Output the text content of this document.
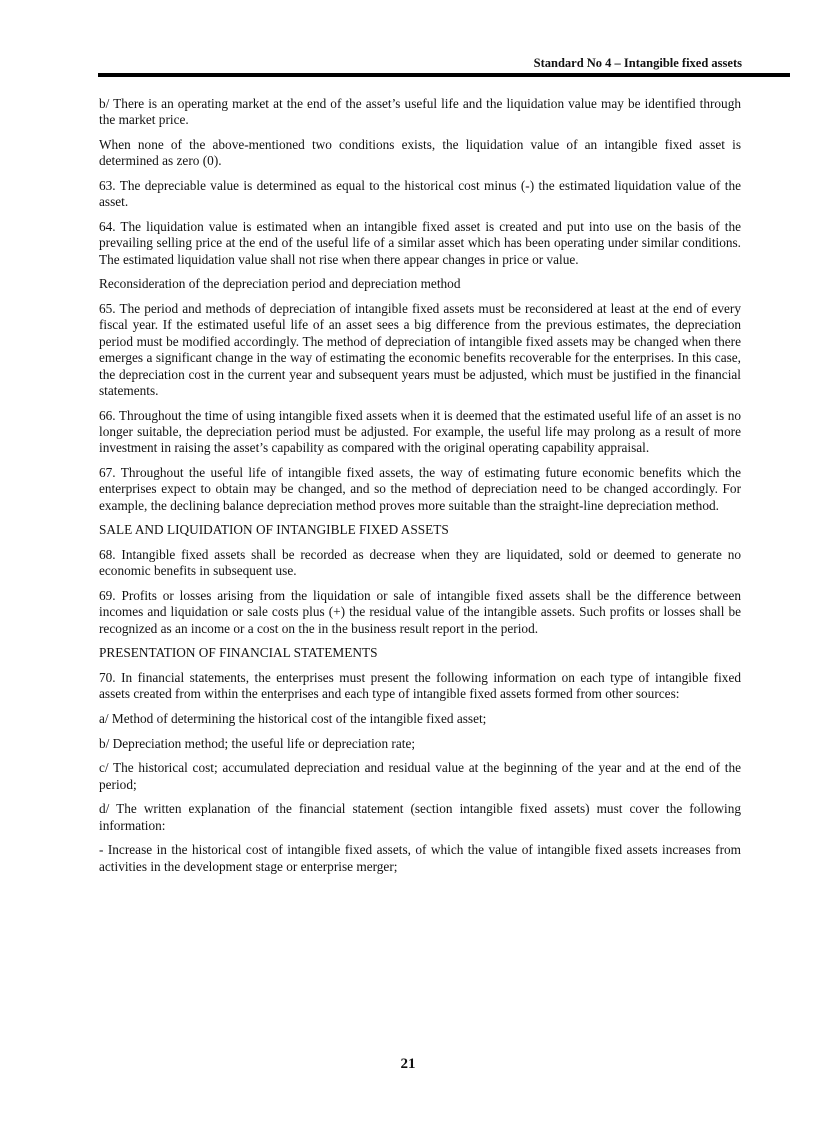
Standard No 4 – Intangible fixed assets

b/ There is an operating market at the end of the asset’s useful life and the liquidation value may be identified through the market price.

When none of the above-mentioned two conditions exists, the liquidation value of an intangible fixed asset is determined as zero (0).

63. The depreciable value is determined as equal to the historical cost minus (-) the estimated liquidation value of the asset.

64. The liquidation value is estimated when an intangible fixed asset is created and put into use on the basis of the prevailing selling price at the end of the useful life of a similar asset which has been operating under similar conditions. The estimated liquidation value shall not rise when there appear changes in price or value.

Reconsideration of the depreciation period and depreciation method

65. The period and methods of depreciation of intangible fixed assets must be reconsidered at least at the end of every fiscal year. If the estimated useful life of an asset sees a big difference from the previous estimates, the depreciation period must be modified accordingly. The method of depreciation of intangible fixed assets may be changed when there emerges a significant change in the way of estimating the economic benefits recoverable for the enterprises. In this case, the depreciation cost in the current year and subsequent years must be adjusted, which must be justified in the financial statements.

66. Throughout the time of using intangible fixed assets when it is deemed that the estimated useful life of an asset is no longer suitable, the depreciation period must be adjusted. For example, the useful life may prolong as a result of more investment in raising the asset’s capability as compared with the original operating capability appraisal.

67. Throughout the useful life of intangible fixed assets, the way of estimating future economic benefits which the enterprises expect to obtain may be changed, and so the method of depreciation need to be changed accordingly. For example, the declining balance depreciation method proves more suitable than the straight-line depreciation method.

SALE AND LIQUIDATION OF INTANGIBLE FIXED ASSETS

68. Intangible fixed assets shall be recorded as decrease when they are liquidated, sold or deemed to generate no economic benefits in subsequent use.

69. Profits or losses arising from the liquidation or sale of intangible fixed assets shall be the difference between incomes and liquidation or sale costs plus (+) the residual value of the intangible assets. Such profits or losses shall be recognized as an income or a cost on the in the business result report in the period.

PRESENTATION OF FINANCIAL STATEMENTS

70. In financial statements, the enterprises must present the following information on each type of intangible fixed assets created from within the enterprises and each type of intangible fixed assets formed from other sources:

a/ Method of determining the historical cost of the intangible fixed asset;

b/ Depreciation method; the useful life or depreciation rate;

c/ The historical cost; accumulated depreciation and residual value at the beginning of the year and at the end of the period;

d/ The written explanation of the financial statement (section intangible fixed assets) must cover the following information:

- Increase in the historical cost of intangible fixed assets, of which the value of intangible fixed assets increases from activities in the development stage or enterprise merger;

21
